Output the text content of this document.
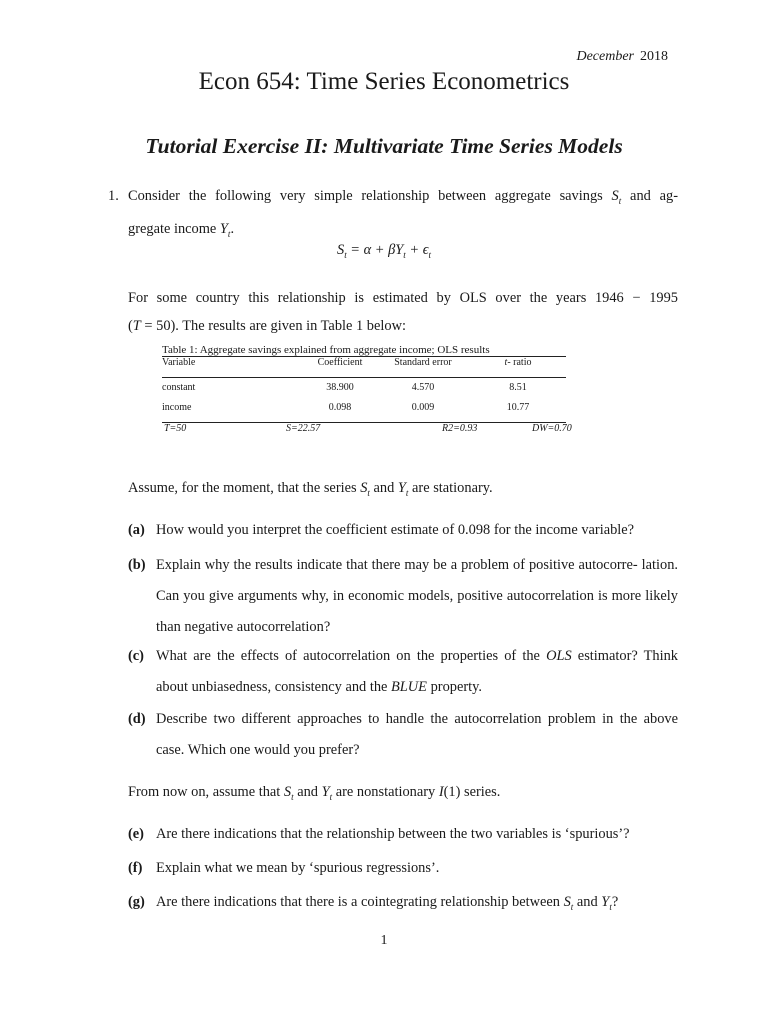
December 2018
Econ 654: Time Series Econometrics
Tutorial Exercise II: Multivariate Time Series Models
1. Consider the following very simple relationship between aggregate savings $S_t$ and ag-
gregate income $Y_t$.
$S_t = \alpha + \beta Y_t + \epsilon_t$
For some country this relationship is estimated by OLS over the years 1946 − 1995
(T = 50). The results are given in Table 1 below:
Table 1: Aggregate savings explained from aggregate income; OLS results
Variable	Coefficient	Standard error	t- ratio
constant	38.900	4.570	8.51
income	0.098	0.009	10.77
T=50	S=22.57	R2=0.93	DW=0.70
Assume, for the moment, that the series $S_t$ and $Y_t$ are stationary.
(a) How would you interpret the coefficient estimate of 0.098 for the income variable?
(b) Explain why the results indicate that there may be a problem of positive autocorre- lation. Can you give arguments why, in economic models, positive autocorrelation is more likely than negative autocorrelation?
(c) What are the effects of autocorrelation on the properties of the OLS estimator? Think about unbiasedness, consistency and the BLUE property.
(d) Describe two different approaches to handle the autocorrelation problem in the above case. Which one would you prefer?
From now on, assume that $S_t$ and $Y_t$ are nonstationary I(1) series.
(e) Are there indications that the relationship between the two variables is ‘spurious’?
(f) Explain what we mean by ‘spurious regressions’.
(g) Are there indications that there is a cointegrating relationship between $S_t$ and $Y_t$?
1
